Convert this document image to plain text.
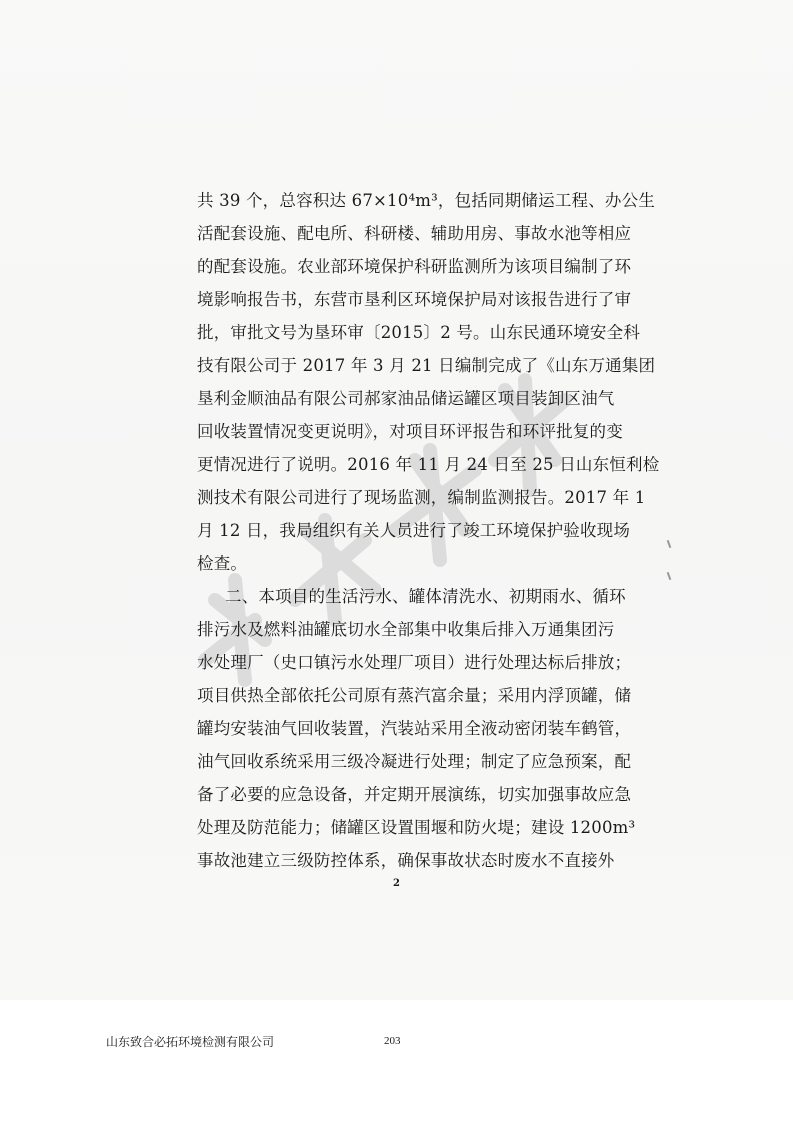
共 39 个，总容积达 67×10⁴m³，包括同期储运工程、办公生
活配套设施、配电所、科研楼、辅助用房、事故水池等相应
的配套设施。农业部环境保护科研监测所为该项目编制了环
境影响报告书，东营市垦利区环境保护局对该报告进行了审
批，审批文号为垦环审〔2015〕2 号。山东民通环境安全科
技有限公司于 2017 年 3 月 21 日编制完成了《山东万通集团
垦利金顺油品有限公司郝家油品储运罐区项目装卸区油气
回收装置情况变更说明》，对项目环评报告和环评批复的变
更情况进行了说明。2016 年 11 月 24 日至 25 日山东恒利检
测技术有限公司进行了现场监测，编制监测报告。2017 年 1
月 12 日，我局组织有关人员进行了竣工环境保护验收现场
检查。
二、本项目的生活污水、罐体清洗水、初期雨水、循环
排污水及燃料油罐底切水全部集中收集后排入万通集团污
水处理厂（史口镇污水处理厂项目）进行处理达标后排放；
项目供热全部依托公司原有蒸汽富余量；采用内浮顶罐，储
罐均安装油气回收装置，汽装站采用全液动密闭装车鹤管，
油气回收系统采用三级冷凝进行处理；制定了应急预案，配
备了必要的应急设备，并定期开展演练，切实加强事故应急
处理及防范能力；储罐区设置围堰和防火堤；建设 1200m³
事故池建立三级防控体系，确保事故状态时废水不直接外
2
山东致合必拓环境检测有限公司	203
